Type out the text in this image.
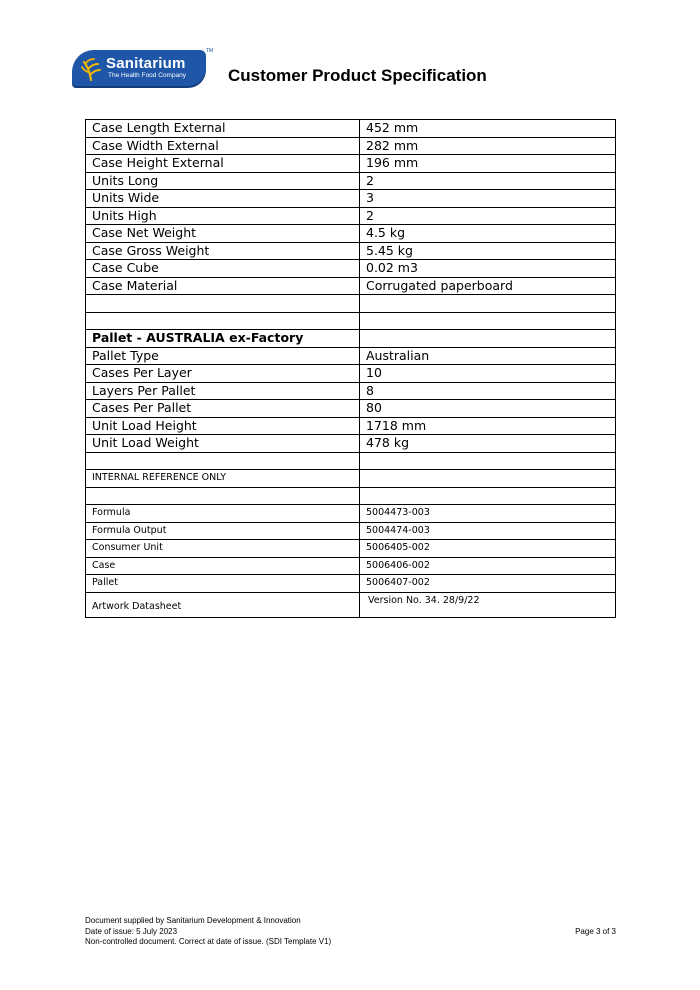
Sanitarium
The Health Food Company
TM
Customer Product Specification
Case Length External	452 mm
Case Width External	282 mm
Case Height External	196 mm
Units Long	2
Units Wide	3
Units High	2
Case Net Weight	4.5 kg
Case Gross Weight	5.45 kg
Case Cube	0.02 m3
Case Material	Corrugated paperboard

Pallet - AUSTRALIA ex-Factory	
Pallet Type	Australian
Cases Per Layer	10
Layers Per Pallet	8
Cases Per Pallet	80
Unit Load Height	1718 mm
Unit Load Weight	478 kg

INTERNAL REFERENCE ONLY	

Formula	5004473-003
Formula Output	5004474-003
Consumer Unit	5006405-002
Case	5006406-002
Pallet	5006407-002
Artwork Datasheet	Version No. 34. 28/9/22
Document supplied by Sanitarium Development & Innovation
Date of issue: 5 July 2023
Non-controlled document. Correct at date of issue. (SDI Template V1)
Page 3 of 3
